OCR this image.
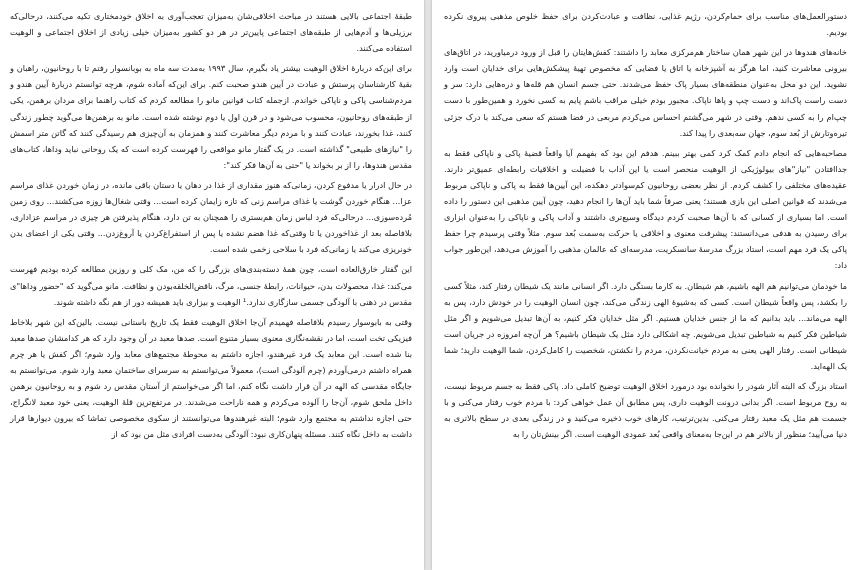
طبقهٔ اجتماعی بالایی هستند در مباحث اخلاقی‌شان به‌میزان تعجب‌آوری به اخلاق خودمختاری تکیه می‌کنند، درحالی‌که برزیلی‌ها و آدم‌هایی از طبقه‌های اجتماعی پایین‌تر در هر دو کشور به‌میزان خیلی زیادی از اخلاق اجتماعی و الوهیت استفاده می‌کنند.

برای این‌که دربارهٔ اخلاق الوهیت بیشتر یاد بگیرم، سال ۱۹۹۳ به‌مدت سه ماه به بوبانسوار رفتم تا با روحانیون، راهبان و بقیهٔ کارشناسان پرستش و عبادت در آیین هندو صحبت کنم. برای این‌که آماده شوم، هرچه توانستم دربارهٔ آیین هندو و مردم‌شناسی پاکی و ناپاکی خواندم. ازجمله کتاب قوانین مانو را مطالعه کردم که کتاب راهنما برای مردان برهمن، یکی از طبقه‌های روحانیون، محسوب می‌شود و در قرن اول یا دوم نوشته شده است. مانو به برهمن‌ها می‌گوید چطور زندگی کنند، غذا بخورند، عبادت کنند و با مردم دیگر معاشرت کنند و همزمان به آن‌چیزی هم رسیدگی کنند که گاتن متر اسمش را "نیازهای طبیعی" گذاشته است. در یک گفتار مانو مواقعی را فهرست کرده است که یک روحانی نباید وداها، کتاب‌های مقدس هندوها، را از بر بخواند یا "حتی به آن‌ها فکر کند":

در حال ادرار یا مدفوع کردن، زمانی‌که هنوز مقداری از غذا در دهان یا دستان باقی مانده، در زمان خوردن غذای مراسم عزا... هنگام خوردن گوشت یا غذای مراسم زنی که تازه زایمان کرده است... وقتی شغال‌ها زوزه می‌کشند... روی زمین مُرده‌سوزی... درحالی‌که فرد لباس زمان هم‌بستری را همچنان به تن دارد، هنگام پذیرفتن هر چیزی در مراسم عزاداری، بلافاصله بعد از غذاخوردن یا تا وقتی‌که غذا هضم نشده یا پس از استفراغ‌کردن یا آروغ‌زدن... وقتی یکی از اعضای بدن خونریزی می‌کند یا زمانی‌که فرد با سلاحی زخمی شده است.

این گفتار خارق‌العاده است، چون همهٔ دسته‌بندی‌های بزرگی را که من، مک کلی و روزین مطالعه کرده بودیم فهرست می‌کند: غذا، محصولات بدن، حیوانات، رابطهٔ جنسی، مرگ، ناقض‌الخلقه‌بودن و نظافت. مانو می‌گوید که "حضور وداها"ی مقدس در ذهنی با آلودگی جسمی سازگاری ندارد.¹ الوهیت و بیزاری باید همیشه دور از هم نگه داشته شوند.

وقتی به بابوسوار رسیدم بلافاصله فهمیدم آن‌جا اخلاق الوهیت فقط یک تاریخ باستانی نیست. بالین‌که این شهر بلاخاط فیزیکی تخت است، اما در نقشه‌نگاری معنوی بسیار متنوع است. صدها معبد در آن وجود دارد که هر کدامشان صدها معبد بنا شده است. این معابد یک فرد غیرهندو، اجازه داشتم به محوطهٔ مجتمع‌های معابد وارد شوم؛ اگر کفش یا هر چرم همراه داشتم درمی‌آوردم (چرم آلودگی است)، معمولاً می‌توانستم به سرسرای ساختمان معبد وارد شوم. می‌توانستم به جایگاه مقدسی که الهه در آن قرار داشت نگاه کنم، اما اگر می‌خواستم از آستان مقدس رد شوم و به روحانیون برهمن داخل ملحق شوم، آن‌جا را آلوده می‌کردم و همه ناراحت می‌شدند. در مرتفع‌ترین قلهٔ الوهیت، یعنی خود معبد لانگراج، حتی اجازه نداشتم به مجتمع وارد شوم؛ البته غیرهندوها می‌توانستند از سکوی مخصوصی تماشا که بیرون دیوارها قرار داشت به داخل نگاه کنند. مسئله پنهان‌کاری نبود: آلودگی به‌دست افرادی مثل من بود که از

دستورالعمل‌های مناسب برای حمام‌کردن، رژیم غذایی، نظافت و عبادت‌کردن برای حفظ خلوص مذهبی پیروی نکرده بودیم.

خانه‌های هندوها در این شهر همان ساختار هم‌مرکزی معابد را داشتند: کفش‌هایتان را قبل از ورود درمیاورید، در اتاق‌های بیرونی معاشرت کنید، اما هرگز به آشپزخانه یا اتاق یا فضایی که مخصوص تهیهٔ پیشکش‌هایی برای خدایان است وارد نشوید. این دو محل به‌عنوان منطقه‌های بسیار پاک حفظ می‌شدند. حتی جسم انسان هم قله‌ها و دره‌هایی دارد: سر و دست راست پاک‌اند و دست چپ و پاها ناپاک. مجبور بودم خیلی مراقب باشم پایم به کسی نخورد و همین‌طور با دست چپ‌ام را به کسی ندهم. وقتی در شهر می‌گشتم احساس می‌کردم مربعی در فضا هستم که سعی می‌کند با درک جزئی تیره‌وتارش از بُعد سوم، جهان سه‌بعدی را پیدا کند.

مصاحبه‌هایی که انجام دادم کمک کرد کمی بهتر ببینم. هدفم این بود که بفهمم آیا واقعاً قضیهٔ پاکی و ناپاکی فقط به جداافتادن "نیاز"های بیولوژیکی از الوهیت منحصر است یا این آداب با فضیلت و اخلاقیات رابطه‌ای عمیق‌تر دارند. عقیده‌های مختلفی را کشف کردم. از نظر بعضی روحانیون کم‌سوادتر دهکده، این آیین‌ها فقط به پاکی و ناپاکی مربوط می‌شدند که قوانین اصلی این بازی هستند؛ یعنی صرفاً شما باید آن‌ها را انجام دهید، چون آیین مذهبی این دستور را داده است. اما بسیاری از کسانی که با آن‌ها صحبت کردم دیدگاه وسیع‌تری داشتند و آداب پاکی و ناپاکی را به‌عنوان ابزاری برای رسیدن به هدفی می‌دانستند: پیشرفت معنوی و اخلاقی یا حرکت به‌سمت بُعد سوم. مثلاً وقتی پرسیدم چرا حفظ پاکی یک فرد مهم است، استاد بزرگ مدرسهٔ سانسکریت، مدرسه‌ای که عالمان مذهبی را آموزش می‌دهد، این‌طور جواب داد:

ما خودمان می‌توانیم هم الهه باشیم، هم شیطان. به کارما بستگی دارد. اگر انسانی مانند یک شیطان رفتار کند، مثلاً کسی را بکشد، پس واقعاً شیطان است. کسی که به‌شیوهٔ الهی زندگی می‌کند، چون انسان الوهیت را در خودش دارد، پس به الهه می‌ماند... باید بدانیم که ما از جنس خدایان هستیم. اگر مثل خدایان فکر کنیم، به آن‌ها تبدیل می‌شویم و اگر مثل شیاطین فکر کنیم به شیاطین تبدیل می‌شویم. چه اشکالی دارد مثل یک شیطان باشیم؟ هر آن‌چه امروزه در جریان است شیطانی است. رفتار الهی یعنی به مردم خیانت‌نکردن، مردم را نکشتن، شخصیت را کامل‌کردن، شما الوهیت دارید؛ شما یک الهه‌اید.

استاد بزرگ که البته آثار شودر را نخوانده بود درمورد اخلاق الوهیت توضیح کاملی داد. پاکی فقط به جسم مربوط نیست، به روح مربوط است. اگر بدانی درونت الوهیت داری، پس مطابق آن عمل خواهی کرد: با مردم خوب رفتار می‌کنی و با جسمت هم مثل یک معبد رفتار می‌کنی. بدین‌ترتیب، کارهای خوب ذخیره می‌کنید و در زندگی بعدی در سطح بالاتری به دنیا می‌آیید؛ منظور از بالاتر هم در این‌جا به‌معنای واقعی بُعد عمودی الوهیت است. اگر بینش‌تان را به
